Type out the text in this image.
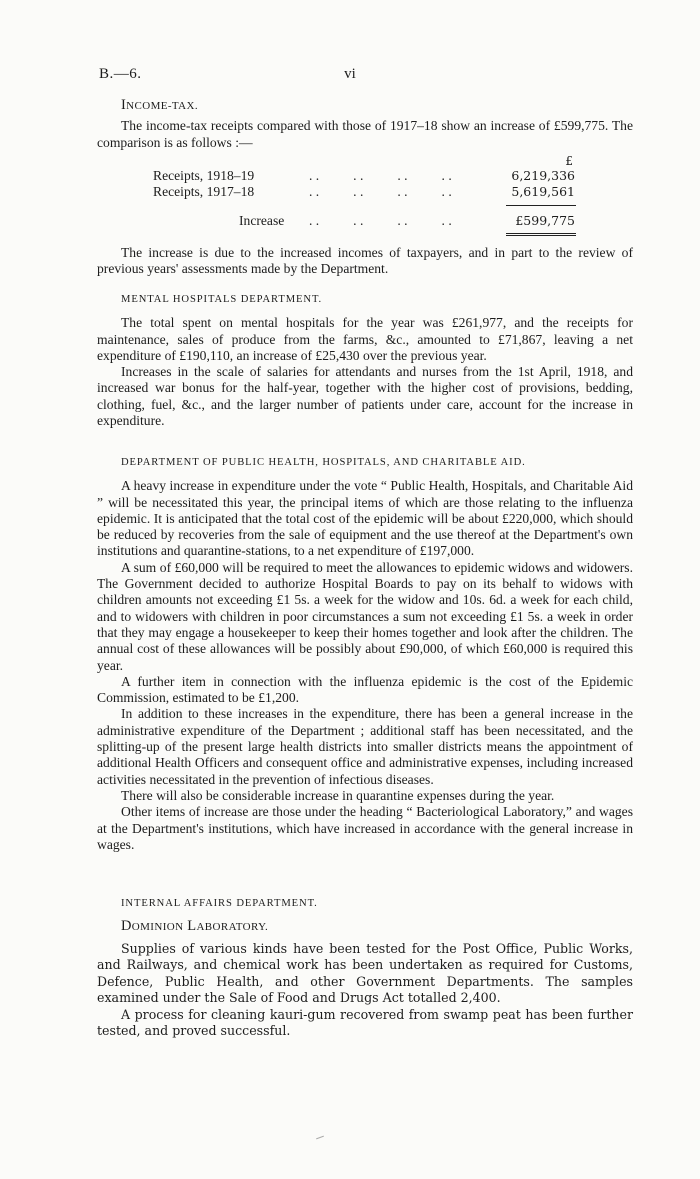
B.—6.	vi

INCOME-TAX.

The income-tax receipts compared with those of 1917–18 show an increase of £599,775. The comparison is as follows :—

£
Receipts, 1918–19	. .          . .          . .          . .	6,219,336
Receipts, 1917–18	. .          . .          . .          . .	5,619,561
Increase . .          . .          . .          . .	£599,775

The increase is due to the increased incomes of taxpayers, and in part to the review of previous years' assessments made by the Department.

MENTAL HOSPITALS DEPARTMENT.

The total spent on mental hospitals for the year was £261,977, and the receipts for maintenance, sales of produce from the farms, &c., amounted to £71,867, leaving a net expenditure of £190,110, an increase of £25,430 over the previous year.

Increases in the scale of salaries for attendants and nurses from the 1st April, 1918, and increased war bonus for the half-year, together with the higher cost of provisions, bedding, clothing, fuel, &c., and the larger number of patients under care, account for the increase in expenditure.

DEPARTMENT OF PUBLIC HEALTH, HOSPITALS, AND CHARITABLE AID.

A heavy increase in expenditure under the vote “ Public Health, Hospitals, and Charitable Aid ” will be necessitated this year, the principal items of which are those relating to the influenza epidemic. It is anticipated that the total cost of the epidemic will be about £220,000, which should be reduced by recoveries from the sale of equipment and the use thereof at the Department's own institutions and quarantine-stations, to a net expenditure of £197,000.

A sum of £60,000 will be required to meet the allowances to epidemic widows and widowers. The Government decided to authorize Hospital Boards to pay on its behalf to widows with children amounts not exceeding £1 5s. a week for the widow and 10s. 6d. a week for each child, and to widowers with children in poor circumstances a sum not exceeding £1 5s. a week in order that they may engage a housekeeper to keep their homes together and look after the children. The annual cost of these allowances will be possibly about £90,000, of which £60,000 is required this year.

A further item in connection with the influenza epidemic is the cost of the Epidemic Commission, estimated to be £1,200.

In addition to these increases in the expenditure, there has been a general increase in the administrative expenditure of the Department ; additional staff has been necessitated, and the splitting-up of the present large health districts into smaller districts means the appointment of additional Health Officers and consequent office and administrative expenses, including increased activities necessitated in the prevention of infectious diseases.

There will also be considerable increase in quarantine expenses during the year.

Other items of increase are those under the heading “ Bacteriological Laboratory,” and wages at the Department's institutions, which have increased in accordance with the general increase in wages.

INTERNAL AFFAIRS DEPARTMENT.

DOMINION LABORATORY.

Supplies of various kinds have been tested for the Post Office, Public Works, and Railways, and chemical work has been undertaken as required for Customs, Defence, Public Health, and other Government Departments. The samples examined under the Sale of Food and Drugs Act totalled 2,400.

A process for cleaning kauri-gum recovered from swamp peat has been further tested, and proved successful.
